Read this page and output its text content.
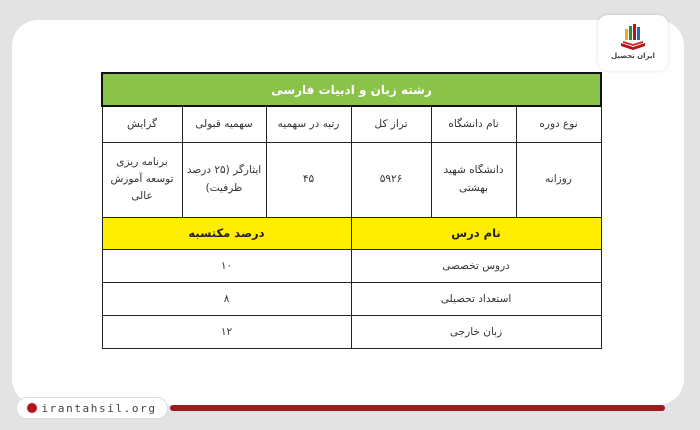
ایران تحصیل
رشته زبان و ادبیات فارسی					
نوع دوره	نام دانشگاه	تراز کل	رتبه در سهمیه	سهمیه قبولی	گرایش
روزانه	دانشگاه شهید بهشتی	۵۹۲۶	۴۵	ایثارگر (۲۵ درصد ظرفیت)	برنامه ریزی توسعه آموزش عالی
نام درس			درصد مکتسبه		
دروس تخصصی			۱۰		
استعداد تحصیلی			۸		
زبان خارجی			۱۲		
irantahsil.org
